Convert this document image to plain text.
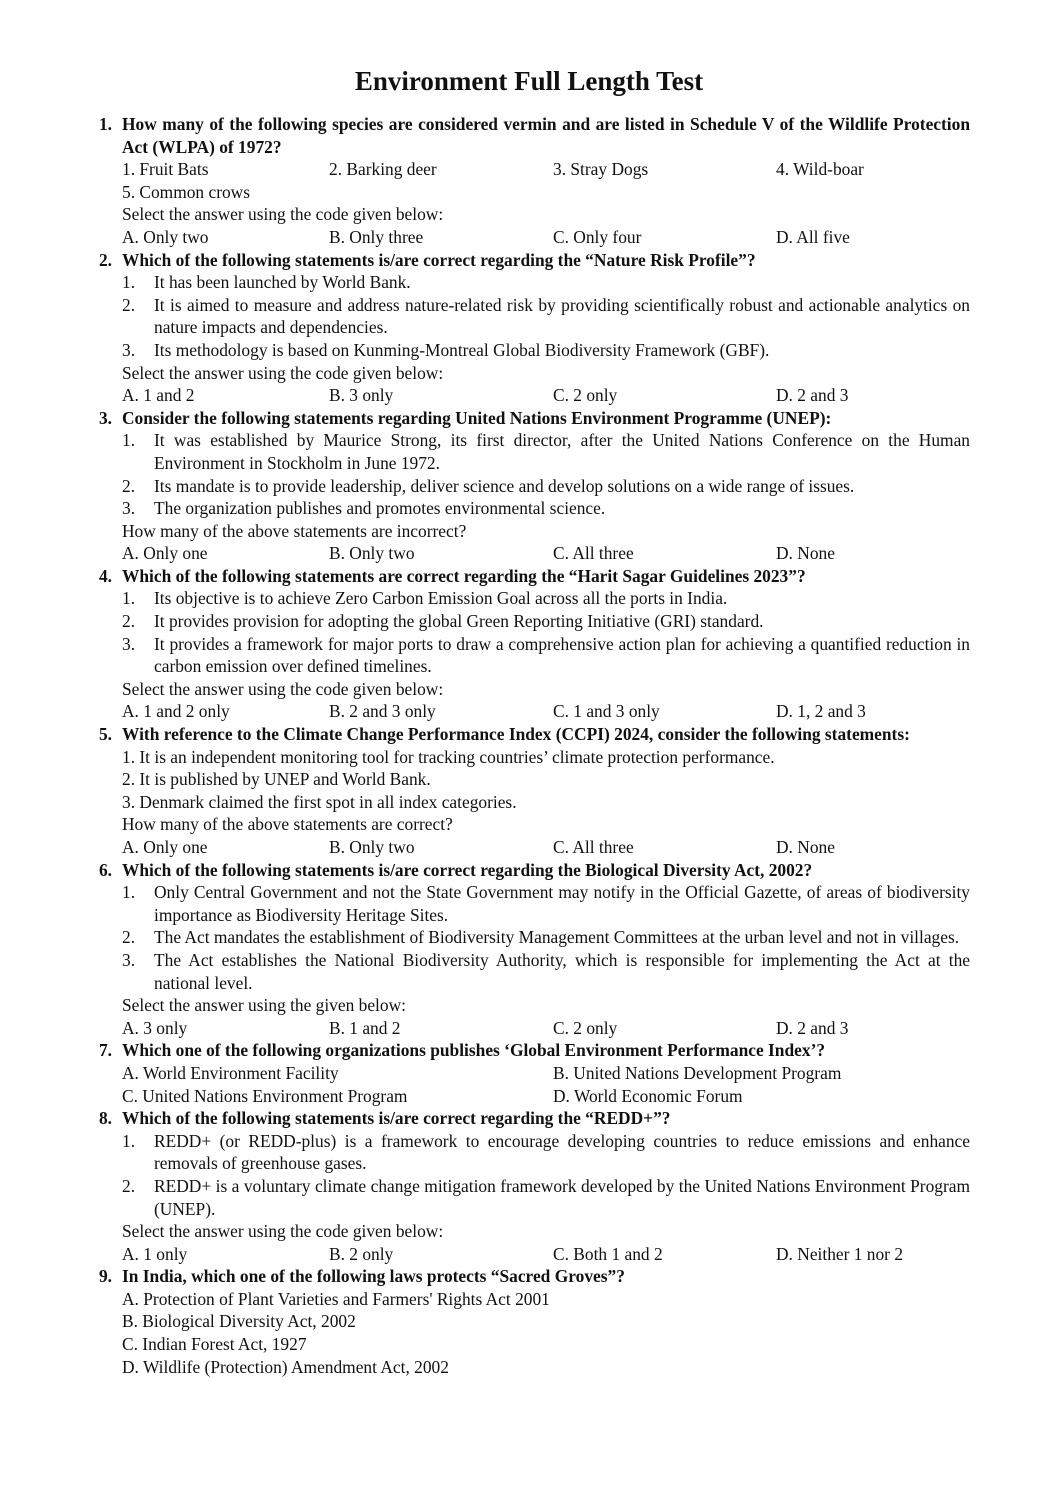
Environment Full Length Test
1. How many of the following species are considered vermin and are listed in Schedule V of the Wildlife Protection Act (WLPA) of 1972?
1. Fruit Bats	2. Barking deer	3. Stray Dogs	4. Wild-boar
5. Common crows
Select the answer using the code given below:
A. Only two	B. Only three	C. Only four	D. All five
2. Which of the following statements is/are correct regarding the “Nature Risk Profile”?
1. It has been launched by World Bank.
2. It is aimed to measure and address nature-related risk by providing scientifically robust and actionable analytics on nature impacts and dependencies.
3. Its methodology is based on Kunming-Montreal Global Biodiversity Framework (GBF).
Select the answer using the code given below:
A. 1 and 2	B. 3 only	C. 2 only	D. 2 and 3
3. Consider the following statements regarding United Nations Environment Programme (UNEP):
1. It was established by Maurice Strong, its first director, after the United Nations Conference on the Human Environment in Stockholm in June 1972.
2. Its mandate is to provide leadership, deliver science and develop solutions on a wide range of issues.
3. The organization publishes and promotes environmental science.
How many of the above statements are incorrect?
A. Only one	B. Only two	C. All three	D. None
4. Which of the following statements are correct regarding the “Harit Sagar Guidelines 2023”?
1. Its objective is to achieve Zero Carbon Emission Goal across all the ports in India.
2. It provides provision for adopting the global Green Reporting Initiative (GRI) standard.
3. It provides a framework for major ports to draw a comprehensive action plan for achieving a quantified reduction in carbon emission over defined timelines.
Select the answer using the code given below:
A. 1 and 2 only	B. 2 and 3 only	C. 1 and 3 only	D. 1, 2 and 3
5. With reference to the Climate Change Performance Index (CCPI) 2024, consider the following statements:
1. It is an independent monitoring tool for tracking countries’ climate protection performance.
2. It is published by UNEP and World Bank.
3. Denmark claimed the first spot in all index categories.
How many of the above statements are correct?
A. Only one	B. Only two	C. All three	D. None
6. Which of the following statements is/are correct regarding the Biological Diversity Act, 2002?
1. Only Central Government and not the State Government may notify in the Official Gazette, of areas of biodiversity importance as Biodiversity Heritage Sites.
2. The Act mandates the establishment of Biodiversity Management Committees at the urban level and not in villages.
3. The Act establishes the National Biodiversity Authority, which is responsible for implementing the Act at the national level.
Select the answer using the given below:
A. 3 only	B. 1 and 2	C. 2 only	D. 2 and 3
7. Which one of the following organizations publishes ‘Global Environment Performance Index’?
A. World Environment Facility	B. United Nations Development Program
C. United Nations Environment Program	D. World Economic Forum
8. Which of the following statements is/are correct regarding the “REDD+”?
1. REDD+ (or REDD-plus) is a framework to encourage developing countries to reduce emissions and enhance removals of greenhouse gases.
2. REDD+ is a voluntary climate change mitigation framework developed by the United Nations Environment Program (UNEP).
Select the answer using the code given below:
A. 1 only	B. 2 only	C. Both 1 and 2	D. Neither 1 nor 2
9. In India, which one of the following laws protects “Sacred Groves”?
A. Protection of Plant Varieties and Farmers' Rights Act 2001
B. Biological Diversity Act, 2002
C. Indian Forest Act, 1927
D. Wildlife (Protection) Amendment Act, 2002
